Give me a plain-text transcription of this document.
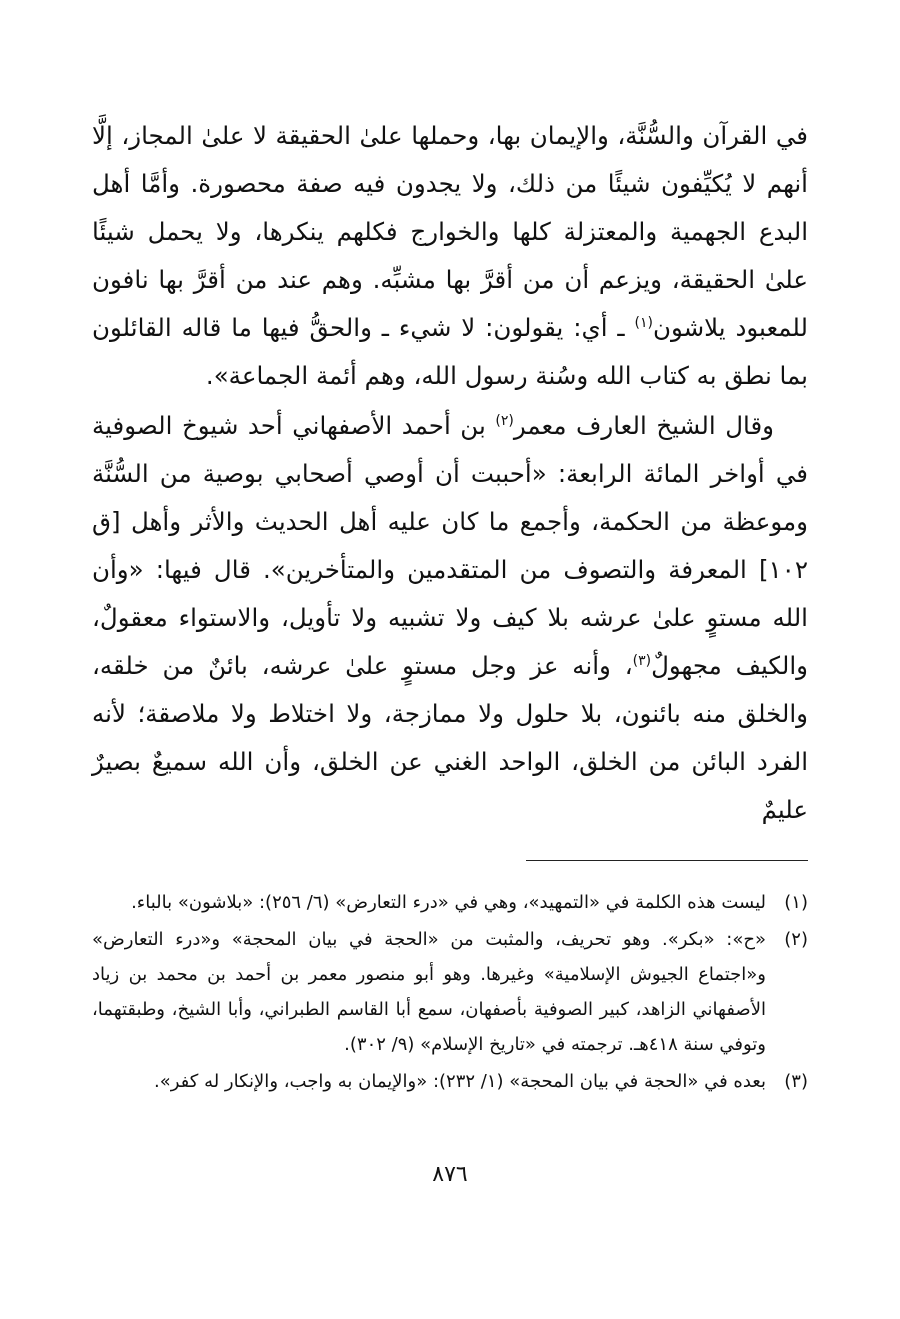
في القرآن والسُّنَّة، والإيمان بها، وحملها علىٰ الحقيقة لا علىٰ المجاز، إلَّا أنهم لا يُكيِّفون شيئًا من ذلك، ولا يجدون فيه صفة محصورة. وأمَّا أهل البدع الجهمية والمعتزلة كلها والخوارج فكلهم ينكرها، ولا يحمل شيئًا علىٰ الحقيقة، ويزعم أن من أقرَّ بها مشبِّه. وهم عند من أقرَّ بها نافون للمعبود يلاشون$^{(١)}$ ـ أي: يقولون: لا شيء ـ والحقُّ فيها ما قاله القائلون بما نطق به كتاب الله وسُنة رسول الله، وهم أئمة الجماعة».

وقال الشيخ العارف معمر$^{(٢)}$ بن أحمد الأصفهاني أحد شيوخ الصوفية في أواخر المائة الرابعة: «أحببت أن أوصي أصحابي بوصية من السُّنَّة وموعظة من الحكمة، وأجمع ما كان عليه أهل الحديث والأثر وأهل [ق ١٠٢] المعرفة والتصوف من المتقدمين والمتأخرين». قال فيها: «وأن الله مستوٍ علىٰ عرشه بلا كيف ولا تشبيه ولا تأويل، والاستواء معقولٌ، والكيف مجهولٌ$^{(٣)}$، وأنه عز وجل مستوٍ علىٰ عرشه، بائنٌ من خلقه، والخلق منه بائنون، بلا حلول ولا ممازجة، ولا اختلاط ولا ملاصقة؛ لأنه الفرد البائن من الخلق، الواحد الغني عن الخلق، وأن الله سميعٌ بصيرٌ عليمٌ

(١)
ليست هذه الكلمة في «التمهيد»، وهي في «درء التعارض» (٦/ ٢٥٦): «بلاشون» بالباء.
(٢)
«ح»: «بكر». وهو تحريف، والمثبت من «الحجة في بيان المحجة» و«درء التعارض» و«اجتماع الجيوش الإسلامية» وغيرها. وهو أبو منصور معمر بن أحمد بن محمد بن زياد الأصفهاني الزاهد، كبير الصوفية بأصفهان، سمع أبا القاسم الطبراني، وأبا الشيخ، وطبقتهما، وتوفي سنة ٤١٨هـ. ترجمته في «تاريخ الإسلام» (٩/ ٣٠٢).
(٣)
بعده في «الحجة في بيان المحجة» (١/ ٢٣٢): «والإيمان به واجب، والإنكار له كفر».
٨٧٦
